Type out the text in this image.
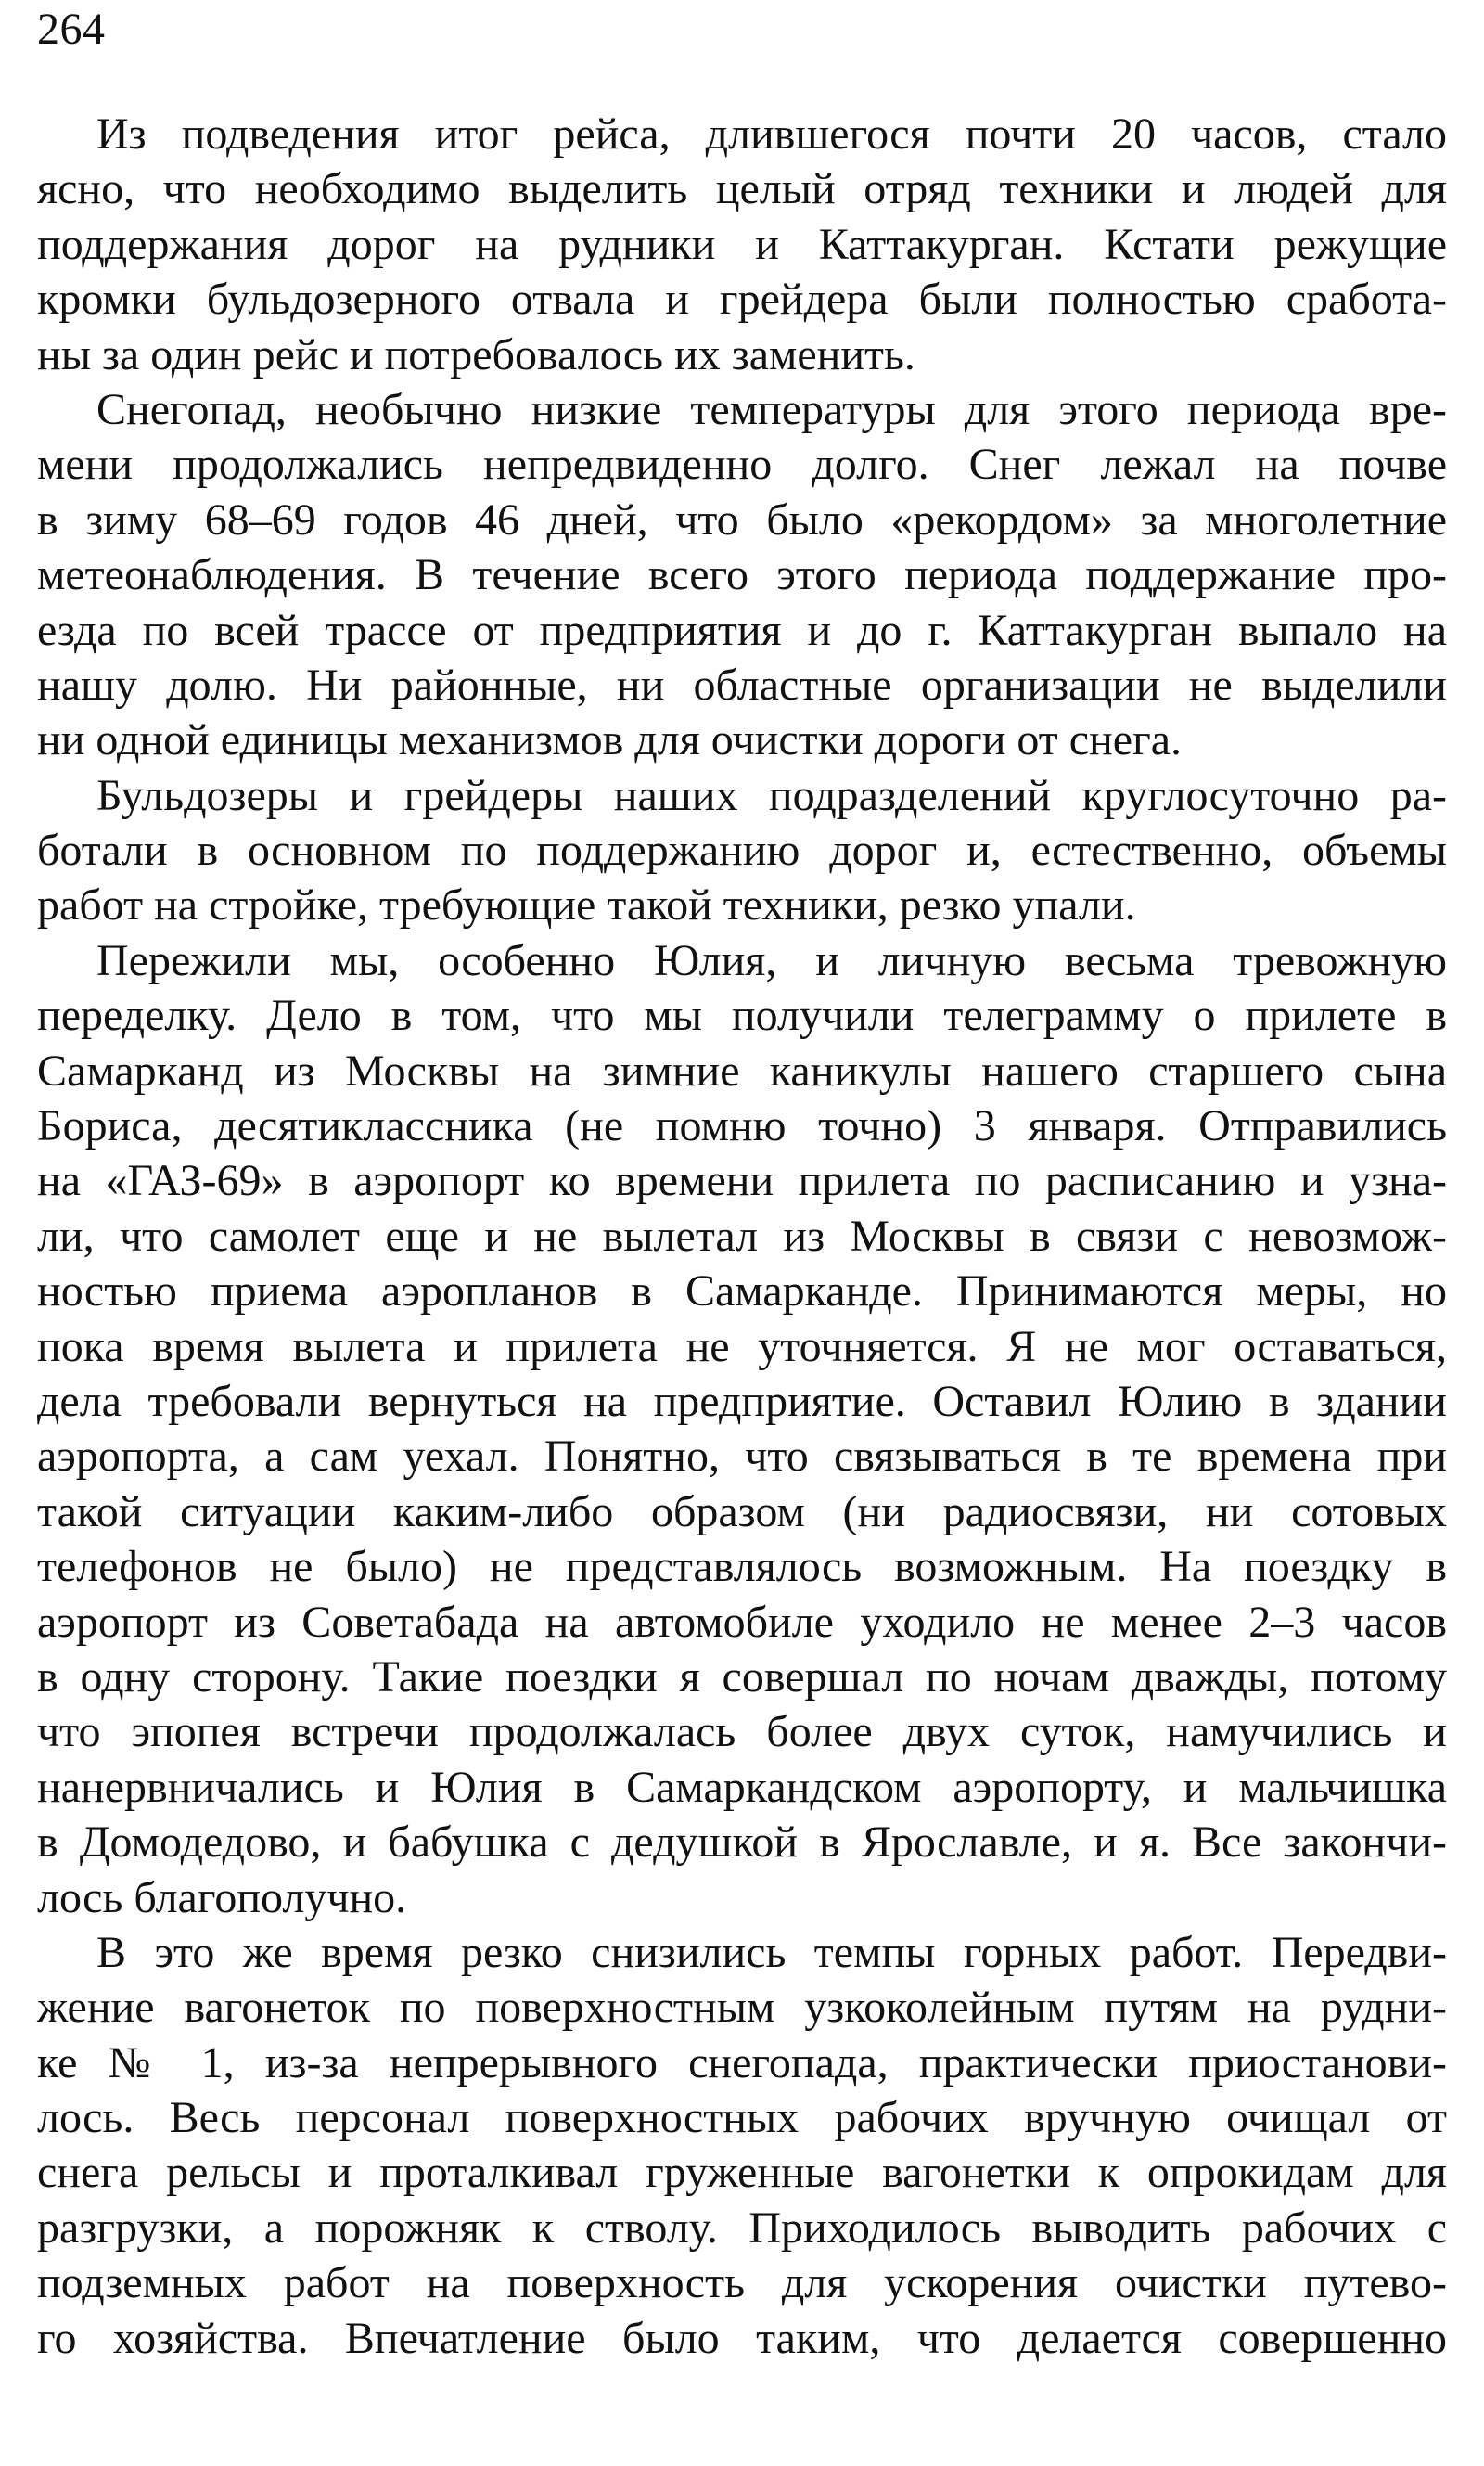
264
Из подведения итог рейса, длившегося почти 20 часов, стало
ясно, что необходимо выделить целый отряд техники и людей для
поддержания дорог на рудники и Каттакурган. Кстати режущие
кромки бульдозерного отвала и грейдера были полностью сработа-
ны за один рейс и потребовалось их заменить.
Снегопад, необычно низкие температуры для этого периода вре-
мени продолжались непредвиденно долго. Снег лежал на почве
в зиму 68–69 годов 46 дней, что было «рекордом» за многолетние
метеонаблюдения. В течение всего этого периода поддержание про-
езда по всей трассе от предприятия и до г. Каттакурган выпало на
нашу долю. Ни районные, ни областные организации не выделили
ни одной единицы механизмов для очистки дороги от снега.
Бульдозеры и грейдеры наших подразделений круглосуточно ра-
ботали в основном по поддержанию дорог и, естественно, объемы
работ на стройке, требующие такой техники, резко упали.
Пережили мы, особенно Юлия, и личную весьма тревожную
переделку. Дело в том, что мы получили телеграмму о прилете в
Самарканд из Москвы на зимние каникулы нашего старшего сына
Бориса, десятиклассника (не помню точно) 3 января. Отправились
на «ГАЗ-69» в аэропорт ко времени прилета по расписанию и узна-
ли, что самолет еще и не вылетал из Москвы в связи с невозмож-
ностью приема аэропланов в Самарканде. Принимаются меры, но
пока время вылета и прилета не уточняется. Я не мог оставаться,
дела требовали вернуться на предприятие. Оставил Юлию в здании
аэропорта, а сам уехал. Понятно, что связываться в те времена при
такой ситуации каким-либо образом (ни радиосвязи, ни сотовых
телефонов не было) не представлялось возможным. На поездку в
аэропорт из Советабада на автомобиле уходило не менее 2–3 часов
в одну сторону. Такие поездки я совершал по ночам дважды, потому
что эпопея встречи продолжалась более двух суток, намучились и
нанервничались и Юлия в Самаркандском аэропорту, и мальчишка
в Домодедово, и бабушка с дедушкой в Ярославле, и я. Все закончи-
лось благополучно.
В это же время резко снизились темпы горных работ. Передви-
жение вагонеток по поверхностным узкоколейным путям на рудни-
ке № 1, из-за непрерывного снегопада, практически приостанови-
лось. Весь персонал поверхностных рабочих вручную очищал от
снега рельсы и проталкивал груженные вагонетки к опрокидам для
разгрузки, а порожняк к стволу. Приходилось выводить рабочих с
подземных работ на поверхность для ускорения очистки путево-
го хозяйства. Впечатление было таким, что делается совершенно
